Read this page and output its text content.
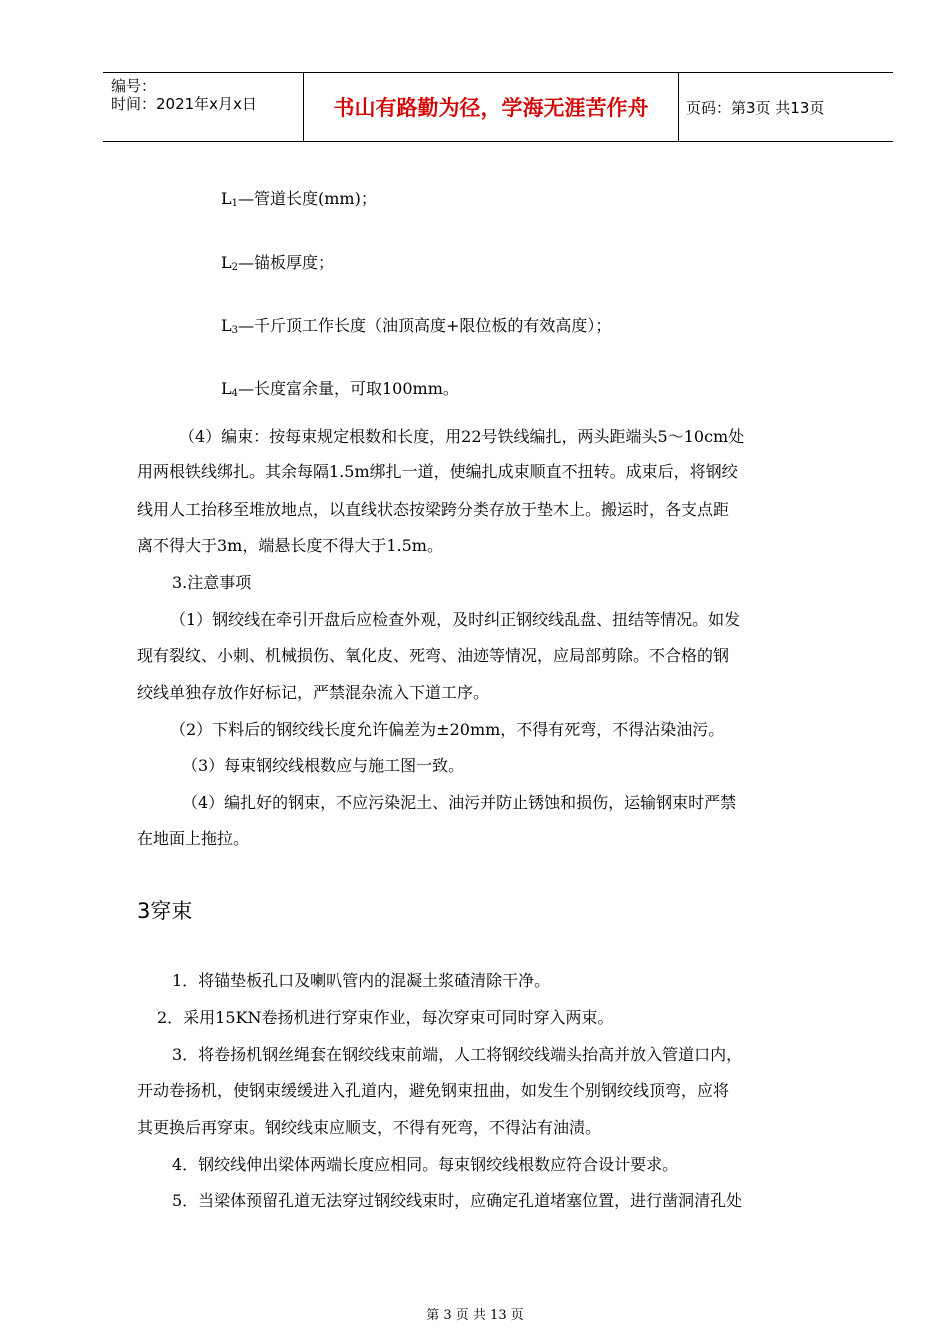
编号：
时间：2021年x月x日	书山有路勤为径，学海无涯苦作舟	页码：第3页 共13页
$L_1—$管道长度(mm)；
$L_2—$锚板厚度；
$L_3—$千斤顶工作长度（油顶高度+限位板的有效高度）；
$L_4—$长度富余量，可取100mm。
（4）编束：按每束规定根数和长度，用22号铁线编扎，两头距端头5～10cm处
用两根铁线绑扎。其余每隔1.5m绑扎一道，使编扎成束顺直不扭转。成束后，将钢绞
线用人工抬移至堆放地点，以直线状态按梁跨分类存放于垫木上。搬运时，各支点距
离不得大于3m，端悬长度不得大于1.5m。
3.注意事项
（1）钢绞线在牵引开盘后应检查外观，及时纠正钢绞线乱盘、扭结等情况。如发
现有裂纹、小刺、机械损伤、氧化皮、死弯、油迹等情况，应局部剪除。不合格的钢
绞线单独存放作好标记，严禁混杂流入下道工序。
（2）下料后的钢绞线长度允许偏差为±20mm，不得有死弯，不得沾染油污。
（3）每束钢绞线根数应与施工图一致。
（4）编扎好的钢束，不应污染泥土、油污并防止锈蚀和损伤，运输钢束时严禁
在地面上拖拉。
3穿束
1．将锚垫板孔口及喇叭管内的混凝土浆碴清除干净。
2．采用15KN卷扬机进行穿束作业，每次穿束可同时穿入两束。
3．将卷扬机钢丝绳套在钢绞线束前端，人工将钢绞线端头抬高并放入管道口内，
开动卷扬机，使钢束缓缓进入孔道内，避免钢束扭曲，如发生个别钢绞线顶弯，应将
其更换后再穿束。钢绞线束应顺支，不得有死弯，不得沾有油渍。
4．钢绞线伸出梁体两端长度应相同。每束钢绞线根数应符合设计要求。
5．当梁体预留孔道无法穿过钢绞线束时，应确定孔道堵塞位置，进行凿洞清孔处
第 3 页 共 13 页
